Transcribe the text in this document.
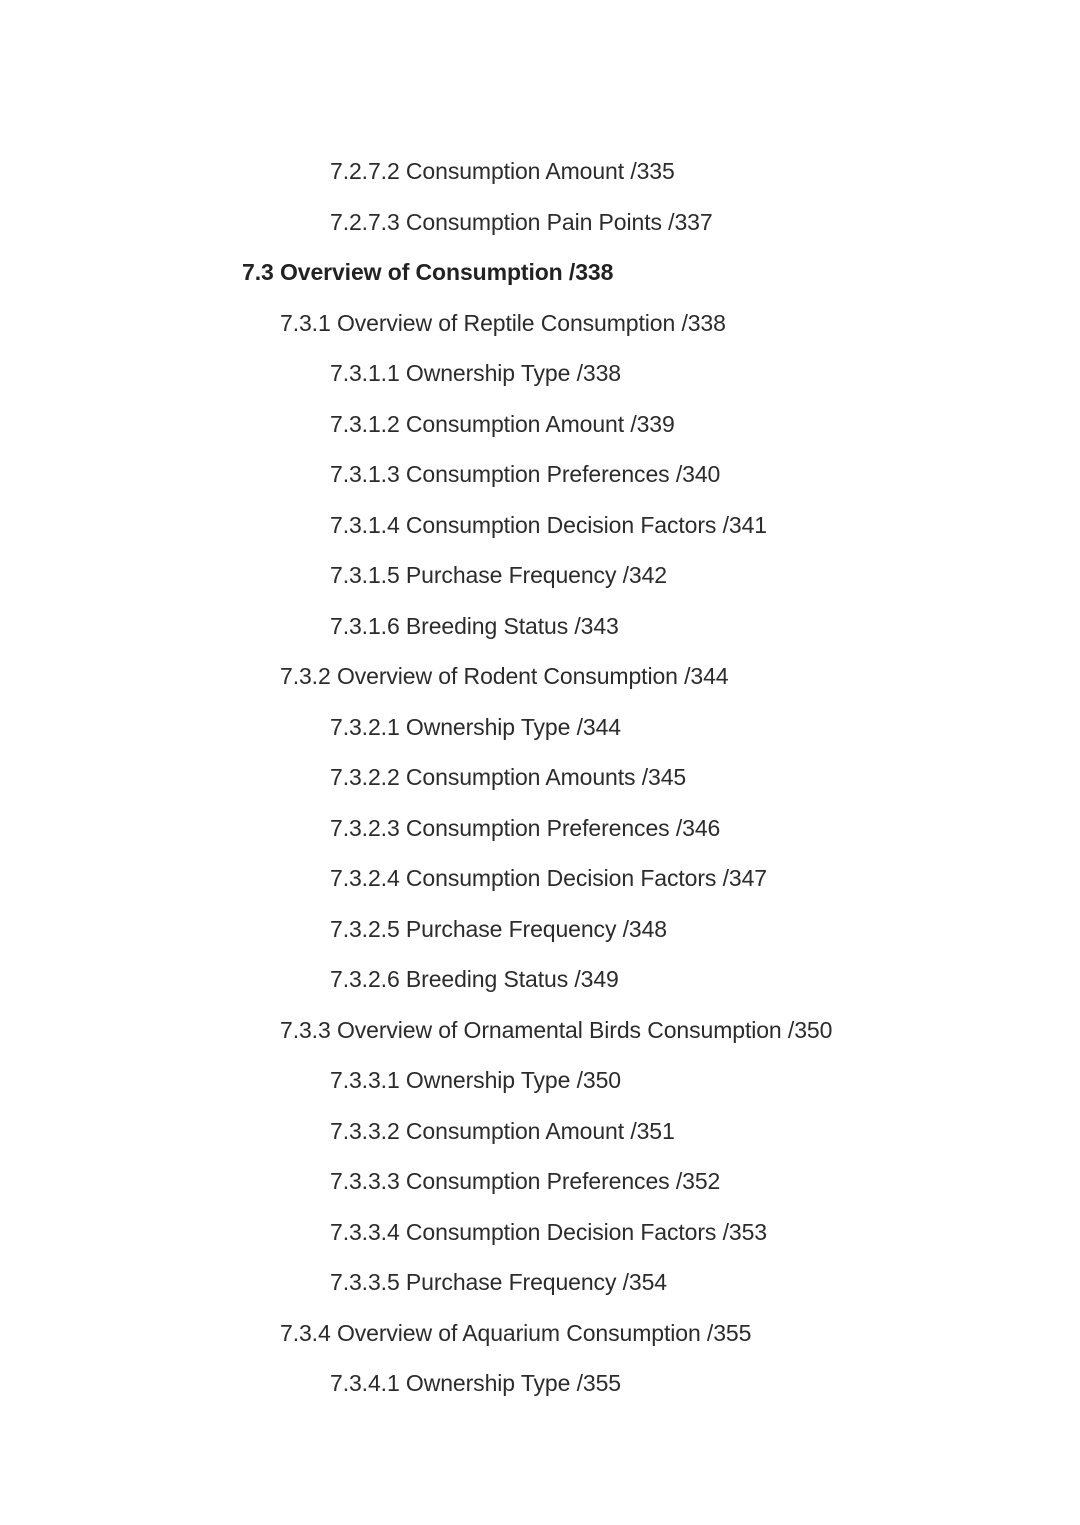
7.2.7.2 Consumption Amount /335
7.2.7.3 Consumption Pain Points /337
7.3 Overview of Consumption /338
7.3.1 Overview of Reptile Consumption /338
7.3.1.1 Ownership Type /338
7.3.1.2 Consumption Amount /339
7.3.1.3 Consumption Preferences /340
7.3.1.4 Consumption Decision Factors /341
7.3.1.5 Purchase Frequency /342
7.3.1.6 Breeding Status /343
7.3.2 Overview of Rodent Consumption /344
7.3.2.1 Ownership Type /344
7.3.2.2 Consumption Amounts /345
7.3.2.3 Consumption Preferences /346
7.3.2.4 Consumption Decision Factors /347
7.3.2.5 Purchase Frequency /348
7.3.2.6 Breeding Status /349
7.3.3 Overview of Ornamental Birds Consumption /350
7.3.3.1 Ownership Type /350
7.3.3.2 Consumption Amount /351
7.3.3.3 Consumption Preferences /352
7.3.3.4 Consumption Decision Factors /353
7.3.3.5 Purchase Frequency /354
7.3.4 Overview of Aquarium Consumption /355
7.3.4.1 Ownership Type /355
